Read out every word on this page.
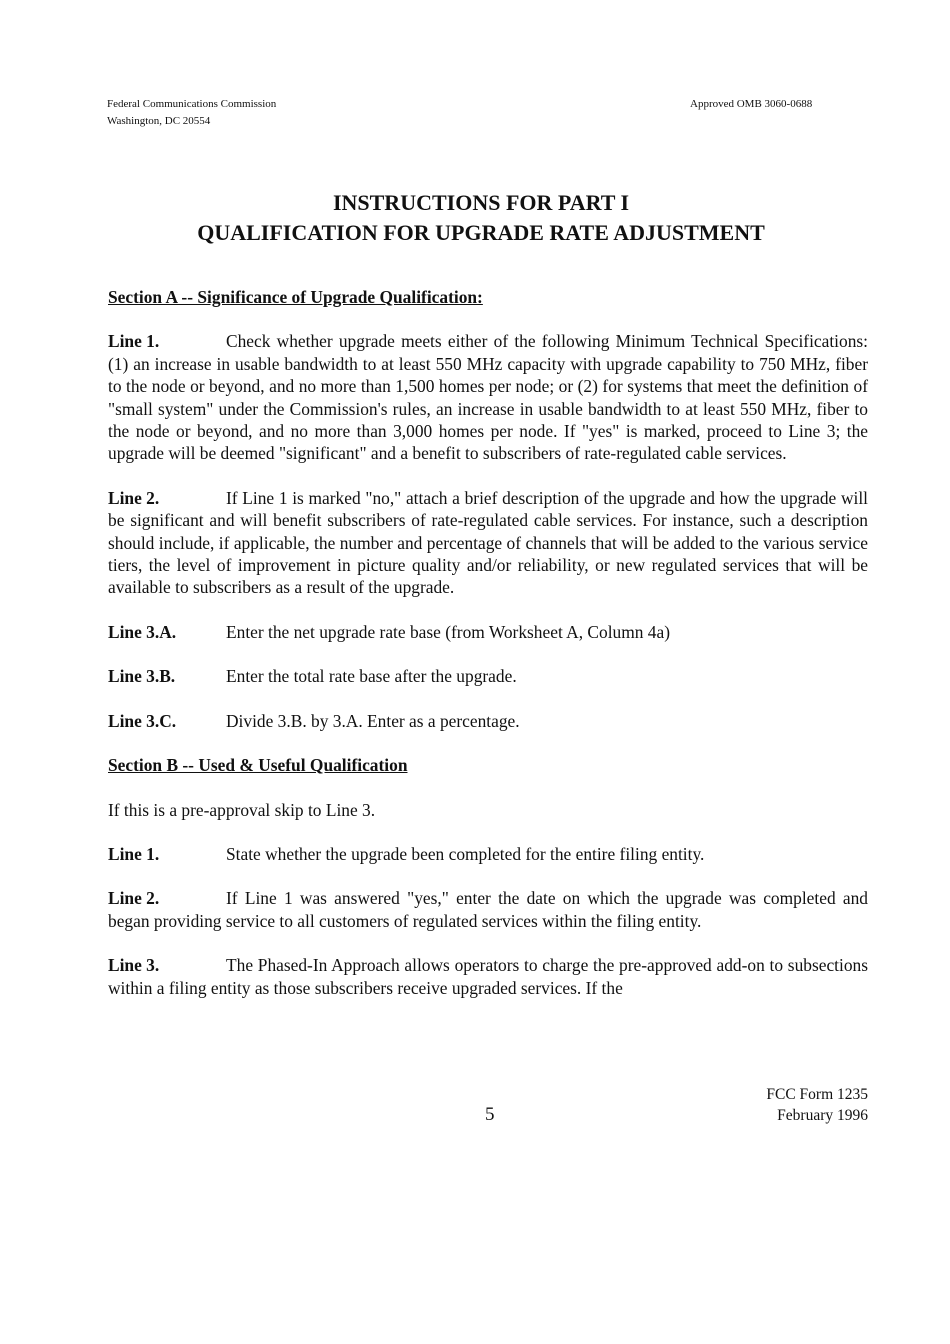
Federal Communications Commission
Washington, DC 20554
Approved OMB 3060-0688
INSTRUCTIONS FOR PART I
QUALIFICATION FOR UPGRADE RATE ADJUSTMENT

Section A -- Significance of Upgrade Qualification:

Line 1.	Check whether upgrade meets either of the following Minimum Technical Specifications: (1) an increase in usable bandwidth to at least 550 MHz capacity with upgrade capability to 750 MHz, fiber to the node or beyond, and no more than 1,500 homes per node; or (2) for systems that meet the definition of "small system" under the Commission's rules, an increase in usable bandwidth to at least 550 MHz, fiber to the node or beyond, and no more than 3,000 homes per node. If "yes" is marked, proceed to Line 3; the upgrade will be deemed "significant" and a benefit to subscribers of rate-regulated cable services.

Line 2.	If Line 1 is marked "no," attach a brief description of the upgrade and how the upgrade will be significant and will benefit subscribers of rate-regulated cable services. For instance, such a description should include, if applicable, the number and percentage of channels that will be added to the various service tiers, the level of improvement in picture quality and/or reliability, or new regulated services that will be available to subscribers as a result of the upgrade.

Line 3.A.	Enter the net upgrade rate base (from Worksheet A, Column 4a)

Line 3.B.	Enter the total rate base after the upgrade.

Line 3.C.	Divide 3.B. by 3.A. Enter as a percentage.

Section B -- Used & Useful Qualification

If this is a pre-approval skip to Line 3.

Line 1.	State whether the upgrade been completed for the entire filing entity.

Line 2.	If Line 1 was answered "yes," enter the date on which the upgrade was completed and began providing service to all customers of regulated services within the filing entity.

Line 3.	The Phased-In Approach allows operators to charge the pre-approved add-on to subsections within a filing entity as those subscribers receive upgraded services. If the

5
FCC Form 1235
February 1996
